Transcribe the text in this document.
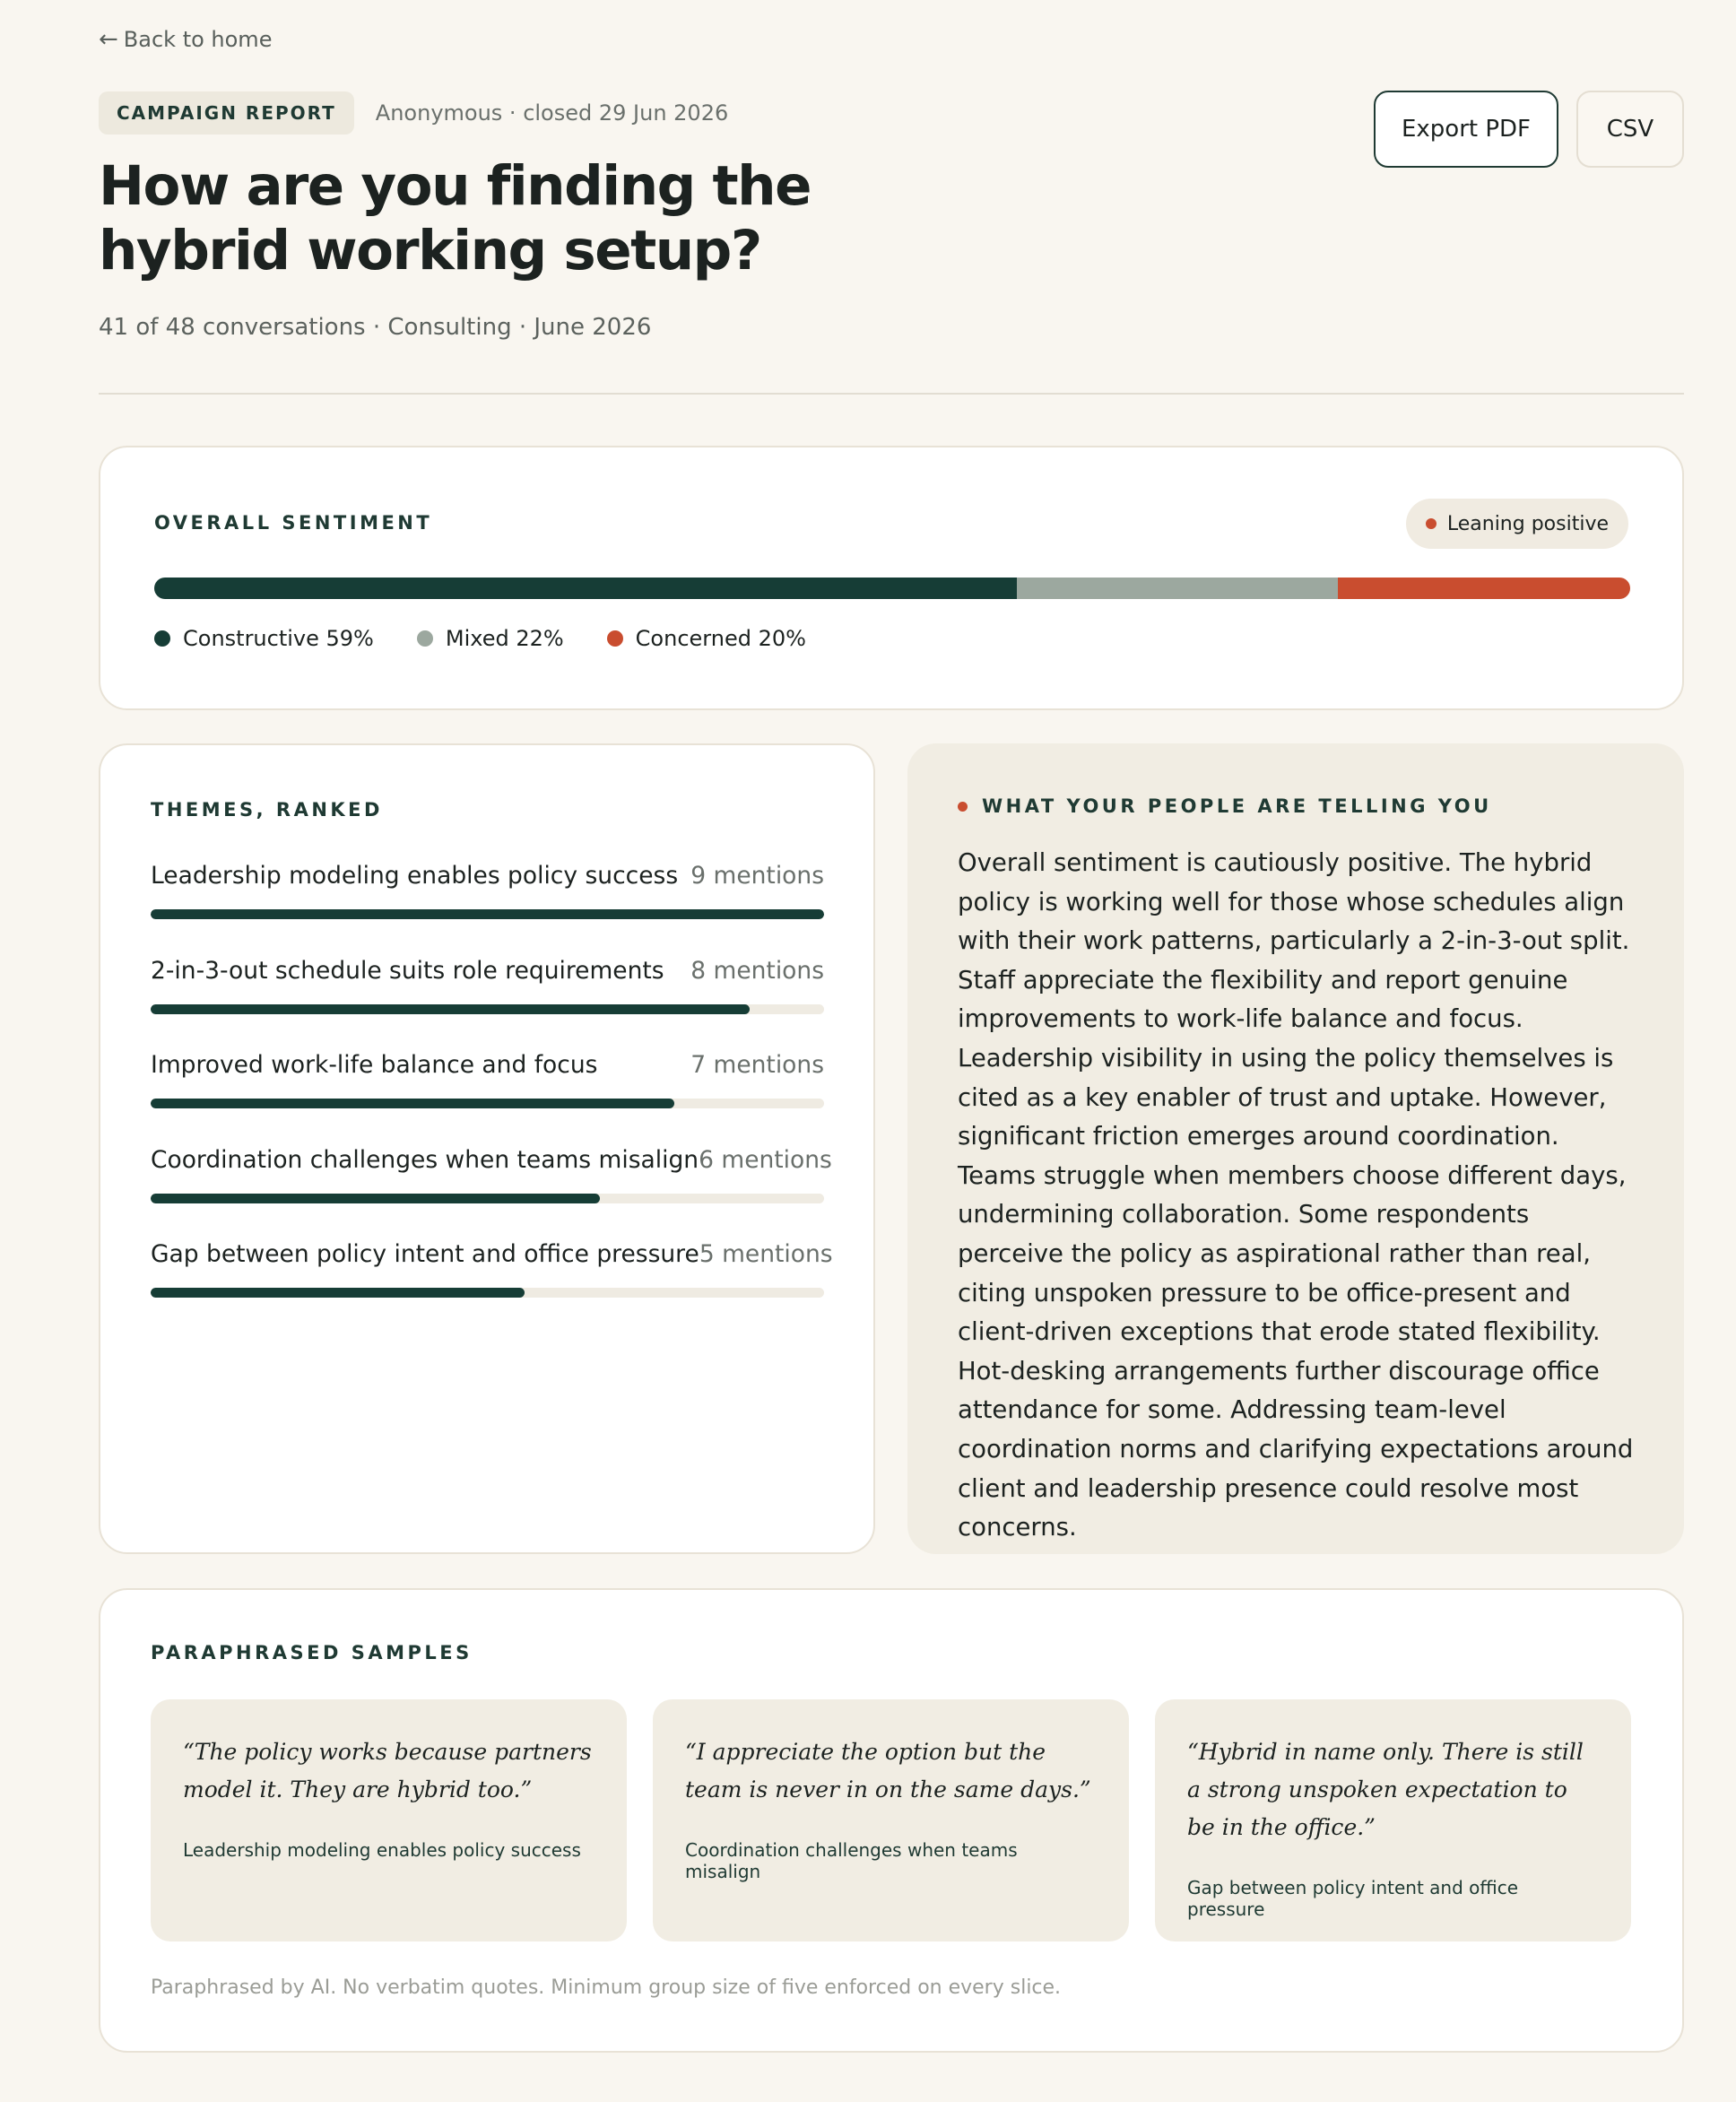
← Back to home
CAMPAIGN REPORT	Anonymous · closed 29 Jun 2026
Export PDF	CSV
How are you finding the hybrid working setup?
41 of 48 conversations · Consulting · June 2026
OVERALL SENTIMENT	Leaning positive
Constructive 59%	Mixed 22%	Concerned 20%
THEMES, RANKED
Leadership modeling enables policy success 9 mentions
2-in-3-out schedule suits role requirements 8 mentions
Improved work-life balance and focus	7 mentions
Coordination challenges when teams misalign 6 mentions
Gap between policy intent and office pressure 5 mentions
WHAT YOUR PEOPLE ARE TELLING YOU

Overall sentiment is cautiously positive. The hybrid policy is working well for those whose schedules align with their work patterns, particularly a 2-in-3-out split. Staff appreciate the flexibility and report genuine improvements to work-life balance and focus. Leadership visibility in using the policy themselves is cited as a key enabler of trust and uptake. However, significant friction emerges around coordination. Teams struggle when members choose different days, undermining collaboration. Some respondents perceive the policy as aspirational rather than real, citing unspoken pressure to be office-present and client-driven exceptions that erode stated flexibility. Hot-desking arrangements further discourage office attendance for some. Addressing team-level coordination norms and clarifying expectations around client and leadership presence could resolve most concerns.

PARAPHRASED SAMPLES

“The policy works because partners model it. They are hybrid too.”

Leadership modeling enables policy success

“I appreciate the option but the team is never in on the same days.”

Coordination challenges when teams misalign

“Hybrid in name only. There is still a strong unspoken expectation to be in the office.”

Gap between policy intent and office pressure
Paraphrased by AI. No verbatim quotes. Minimum group size of five enforced on every slice.
